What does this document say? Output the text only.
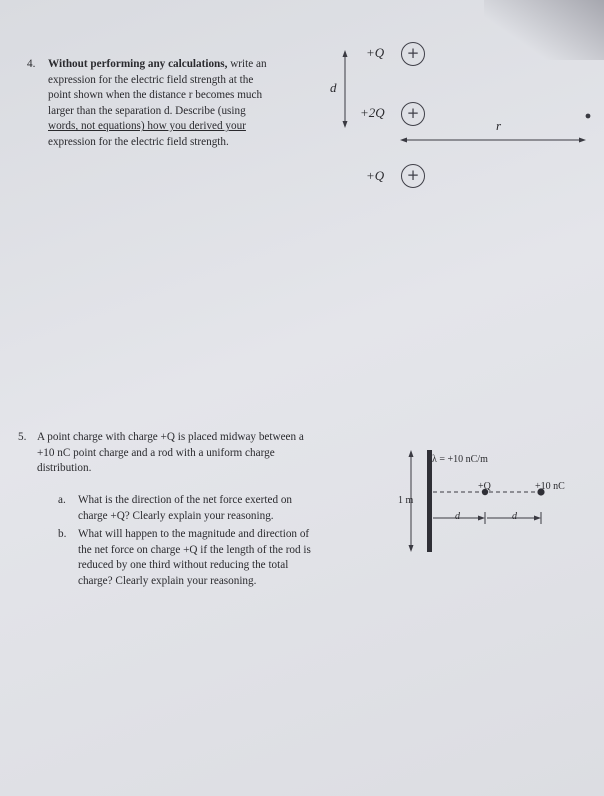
4. Without performing any calculations, write an
expression for the electric field strength at the
point shown when the distance r becomes much
larger than the separation d. Describe (using
words, not equations) how you derived your
expression for the electric field strength.
d
r
+Q	+
+2Q	+
+Q	+
5. A point charge with charge +Q is placed midway between a
+10 nC point charge and a rod with a uniform charge
distribution.
a.	What is the direction of the net force exerted on
charge +Q? Clearly explain your reasoning.
b.	What will happen to the magnitude and direction of
the net force on charge +Q if the length of the rod is
reduced by one third without reducing the total
charge? Clearly explain your reasoning.
λ = +10 nC/m
1 m
+Q	+10 nC
d	d
